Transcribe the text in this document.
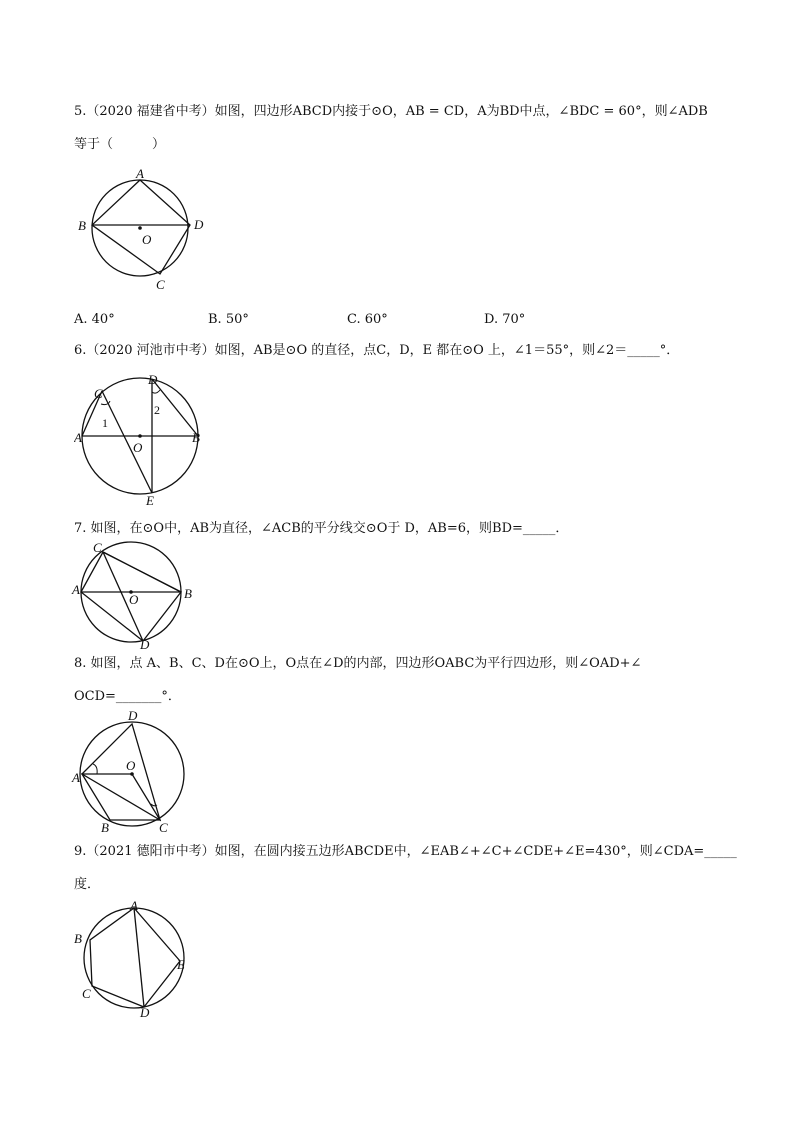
5.（2020 福建省中考）如图，四边形ABCD内接于⊙O，AB = CD，A为BD中点，∠BDC = 60°，则∠ADB
等于（　　　）
A
B
C
D
O
A. 40°	B. 50°	C. 60°	D. 70°
6.（2020 河池市中考）如图，AB是⊙O 的直径，点C，D，E 都在⊙O 上，∠1＝55°，则∠2＝_____°．
C
D
A	B
E
O
1
2
7. 如图，在⊙O中，AB为直径，∠ACB的平分线交⊙O于 D，AB=6，则BD=_____．
C
A	B
D
O
8. 如图，点 A、B、C、D在⊙O上，O点在∠D的内部，四边形OABC为平行四边形，则∠OAD+∠
OCD=_______°．
D
A
O
B	C
9.（2021 德阳市中考）如图，在圆内接五边形ABCDE中，∠EAB∠+∠C+∠CDE+∠E=430°，则∠CDA=_____
度．
A
B
C
D
E
